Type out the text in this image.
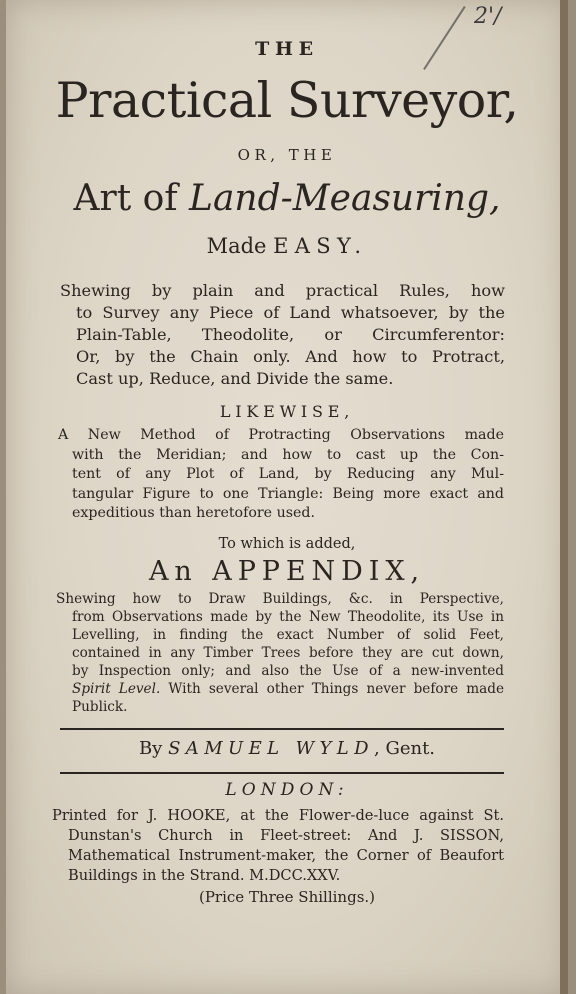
2'/
THE
Practical Surveyor,
OR, THE
Art of Land-Measuring,
Made EASY.
Shewing by plain and practical Rules, how
to Survey any Piece of Land whatsoever, by the
Plain-Table, Theodolite, or Circumferentor:
Or, by the Chain only. And how to Protract,
Cast up, Reduce, and Divide the same.
LIKEWISE,
A New Method of Protracting Observations made
with the Meridian; and how to cast up the Con-
tent of any Plot of Land, by Reducing any Mul-
tangular Figure to one Triangle: Being more exact and
expeditious than heretofore used.
To which is added,
An APPENDIX,
Shewing how to Draw Buildings, &c. in Perspective,
from Observations made by the New Theodolite, its Use in
Levelling, in finding the exact Number of solid Feet,
contained in any Timber Trees before they are cut down,
by Inspection only; and also the Use of a new-invented
Spirit Level. With several other Things never before made
Publick.
By SAMUEL WYLD, Gent.
LONDON:
Printed for J. HOOKE, at the Flower-de-luce against St.
Dunstan's Church in Fleet-street: And J. SISSON,
Mathematical Instrument-maker, the Corner of Beaufort
Buildings in the Strand. M.DCC.XXV.
(Price Three Shillings.)
